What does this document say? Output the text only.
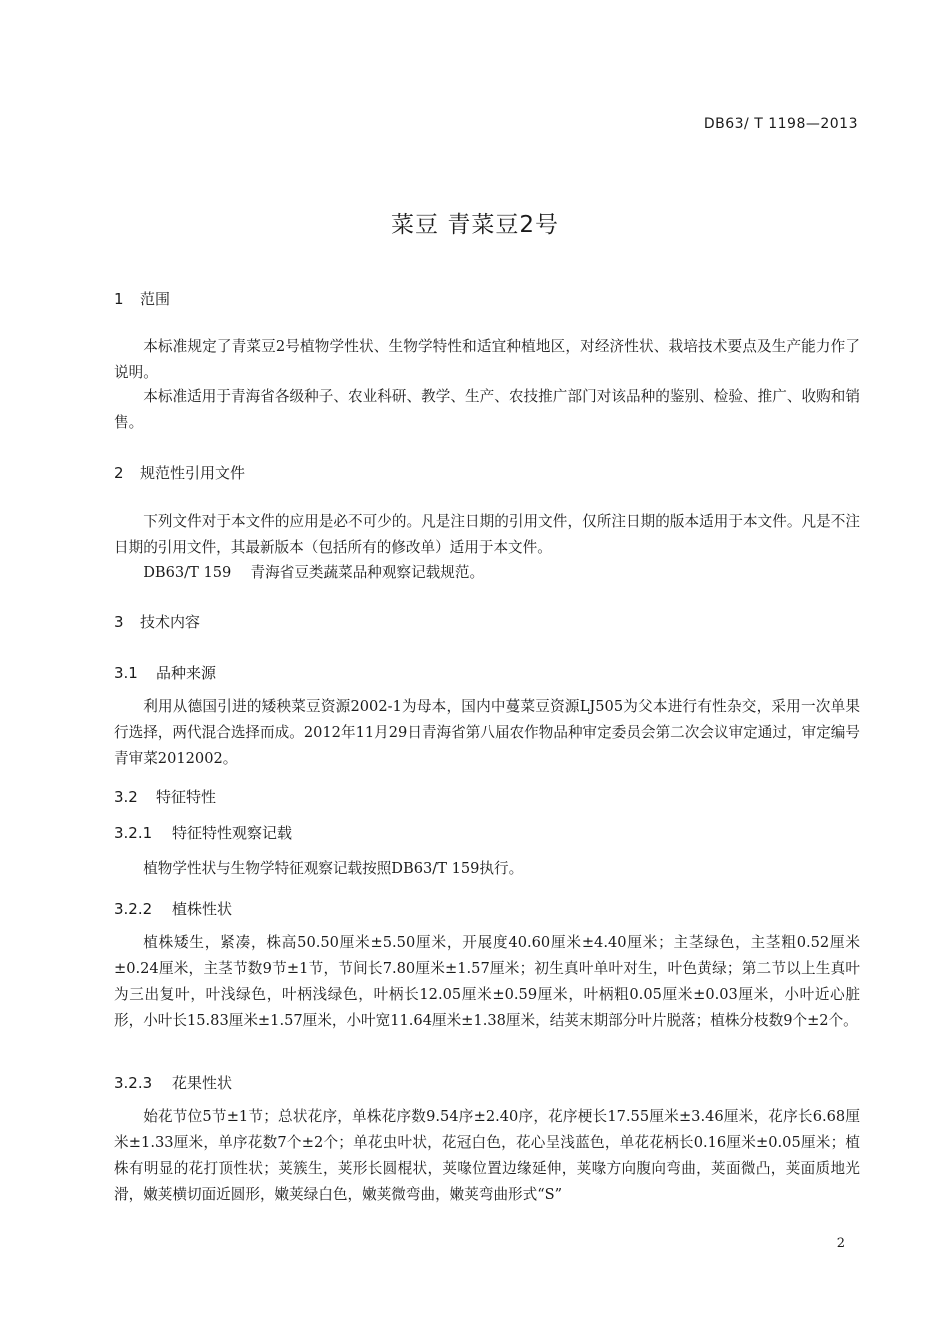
DB63/ T 1198—2013
菜豆 青菜豆2号
1 范围
本标准规定了青菜豆2号植物学性状、生物学特性和适宜种植地区，对经济性状、栽培技术要点及生产能力作了说明。
本标准适用于青海省各级种子、农业科研、教学、生产、农技推广部门对该品种的鉴别、检验、推广、收购和销售。
2 规范性引用文件
下列文件对于本文件的应用是必不可少的。凡是注日期的引用文件，仅所注日期的版本适用于本文件。凡是不注日期的引用文件，其最新版本（包括所有的修改单）适用于本文件。
DB63/T 159　 青海省豆类蔬菜品种观察记载规范。
3 技术内容
3.1 品种来源
利用从德国引进的矮秧菜豆资源2002-1为母本，国内中蔓菜豆资源LJ505为父本进行有性杂交，采用一次单果行选择，两代混合选择而成。2012年11月29日青海省第八届农作物品种审定委员会第二次会议审定通过，审定编号青审菜2012002。
3.2 特征特性
3.2.1 特征特性观察记载
植物学性状与生物学特征观察记载按照DB63/T 159执行。
3.2.2 植株性状
植株矮生，紧凑，株高50.50厘米±5.50厘米，开展度40.60厘米±4.40厘米；主茎绿色，主茎粗0.52厘米±0.24厘米，主茎节数9节±1节，节间长7.80厘米±1.57厘米；初生真叶单叶对生，叶色黄绿；第二节以上生真叶为三出复叶，叶浅绿色，叶柄浅绿色，叶柄长12.05厘米±0.59厘米，叶柄粗0.05厘米±0.03厘米，小叶近心脏形，小叶长15.83厘米±1.57厘米，小叶宽11.64厘米±1.38厘米，结荚末期部分叶片脱落；植株分枝数9个±2个。
3.2.3 花果性状
始花节位5节±1节；总状花序，单株花序数9.54序±2.40序，花序梗长17.55厘米±3.46厘米，花序长6.68厘米±1.33厘米，单序花数7个±2个；单花虫叶状，花冠白色，花心呈浅蓝色，单花花柄长0.16厘米±0.05厘米；植株有明显的花打顶性状；荚簇生，荚形长圆棍状，荚喙位置边缘延伸，荚喙方向腹向弯曲，荚面微凸，荚面质地光滑，嫩荚横切面近圆形，嫩荚绿白色，嫩荚微弯曲，嫩荚弯曲形式“S”
2
